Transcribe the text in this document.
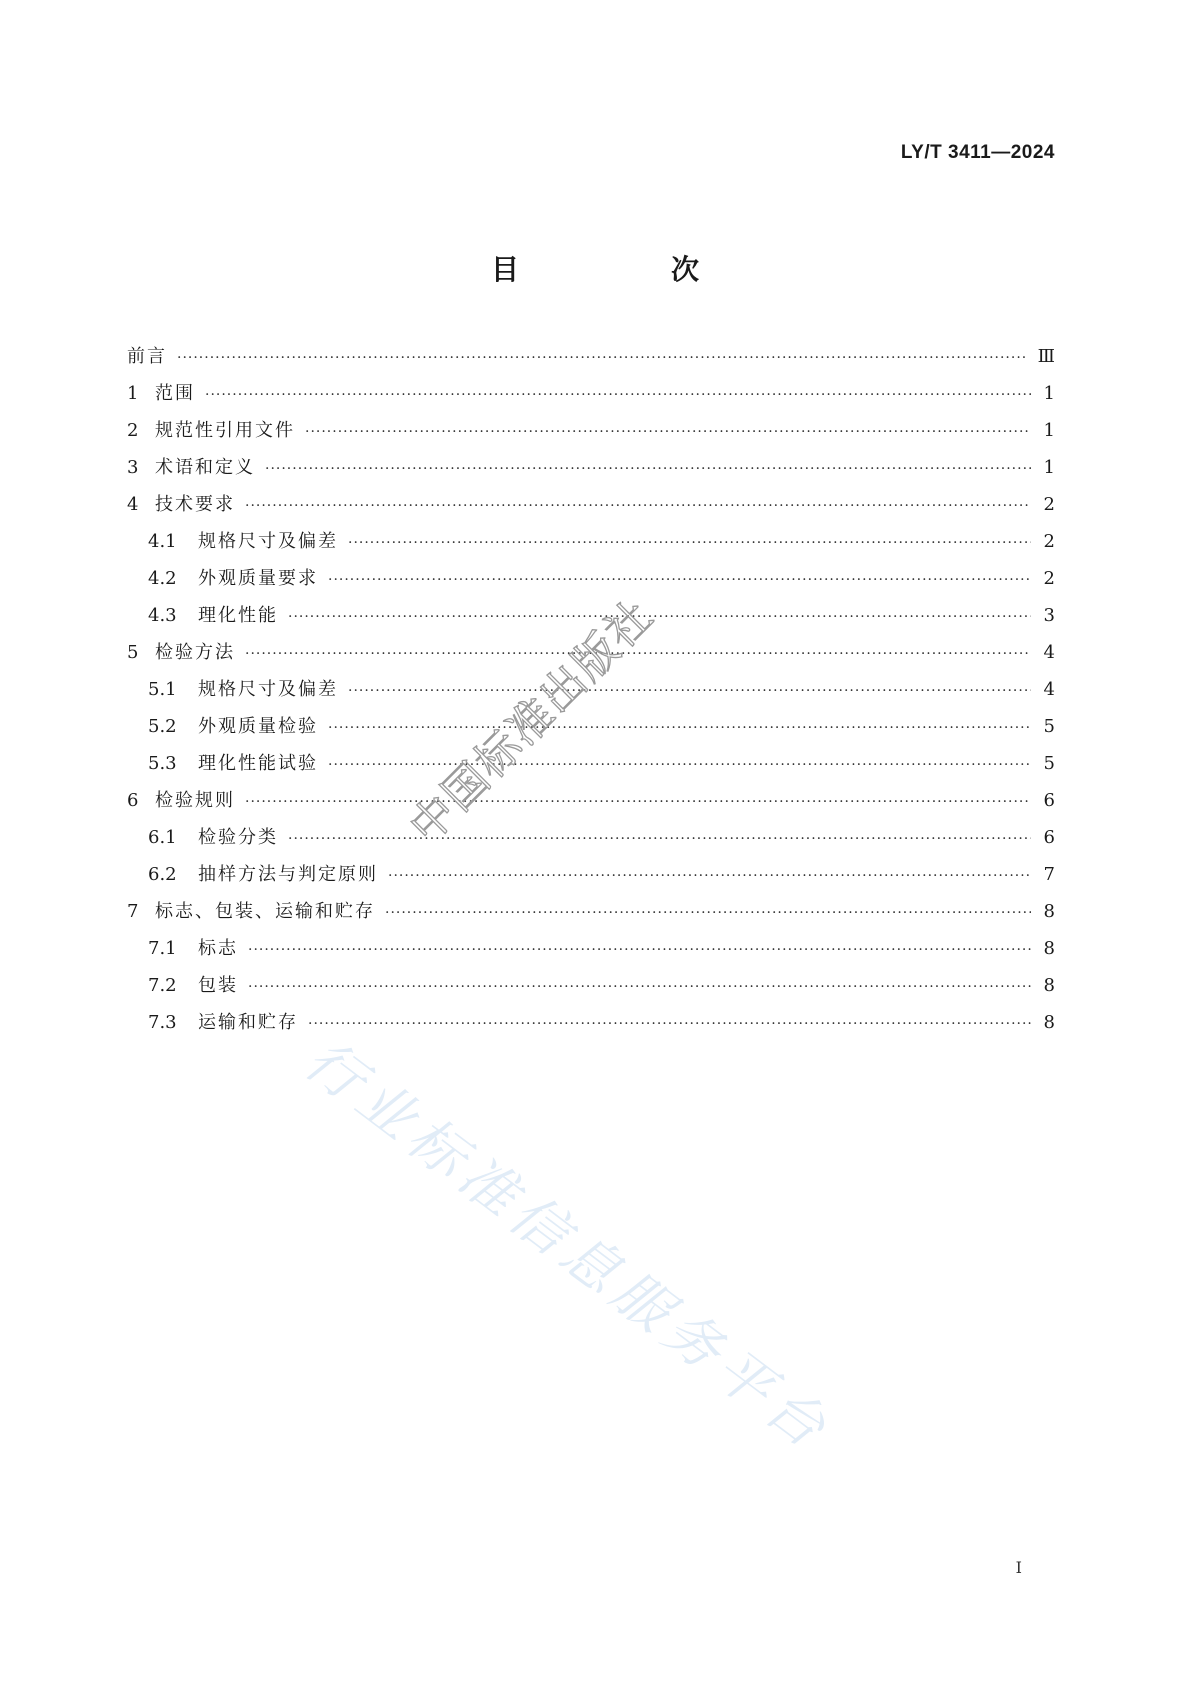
LY/T 3411—2024
目　次
前言 ·····	Ⅲ
1 范围 ·····	1
2 规范性引用文件 ·····	1
3 术语和定义 ·····	1
4 技术要求 ·····	2
4.1	规格尺寸及偏差 ·····	2
4.2	外观质量要求 ·····	2
4.3	理化性能 ·····	3
5 检验方法 ·····	4
5.1	规格尺寸及偏差 ·····	4
5.2	外观质量检验 ·····	5
5.3	理化性能试验 ·····	5
6 检验规则 ·····	6
6.1	检验分类 ·····	6
6.2	抽样方法与判定原则 ·····	7
7 标志、包装、运输和贮存 ·····	8
7.1	标志 ·····	8
7.2	包装 ·····	8
7.3	运输和贮存 ·····	8
中国标准出版社
行业标准信息服务平台
I
